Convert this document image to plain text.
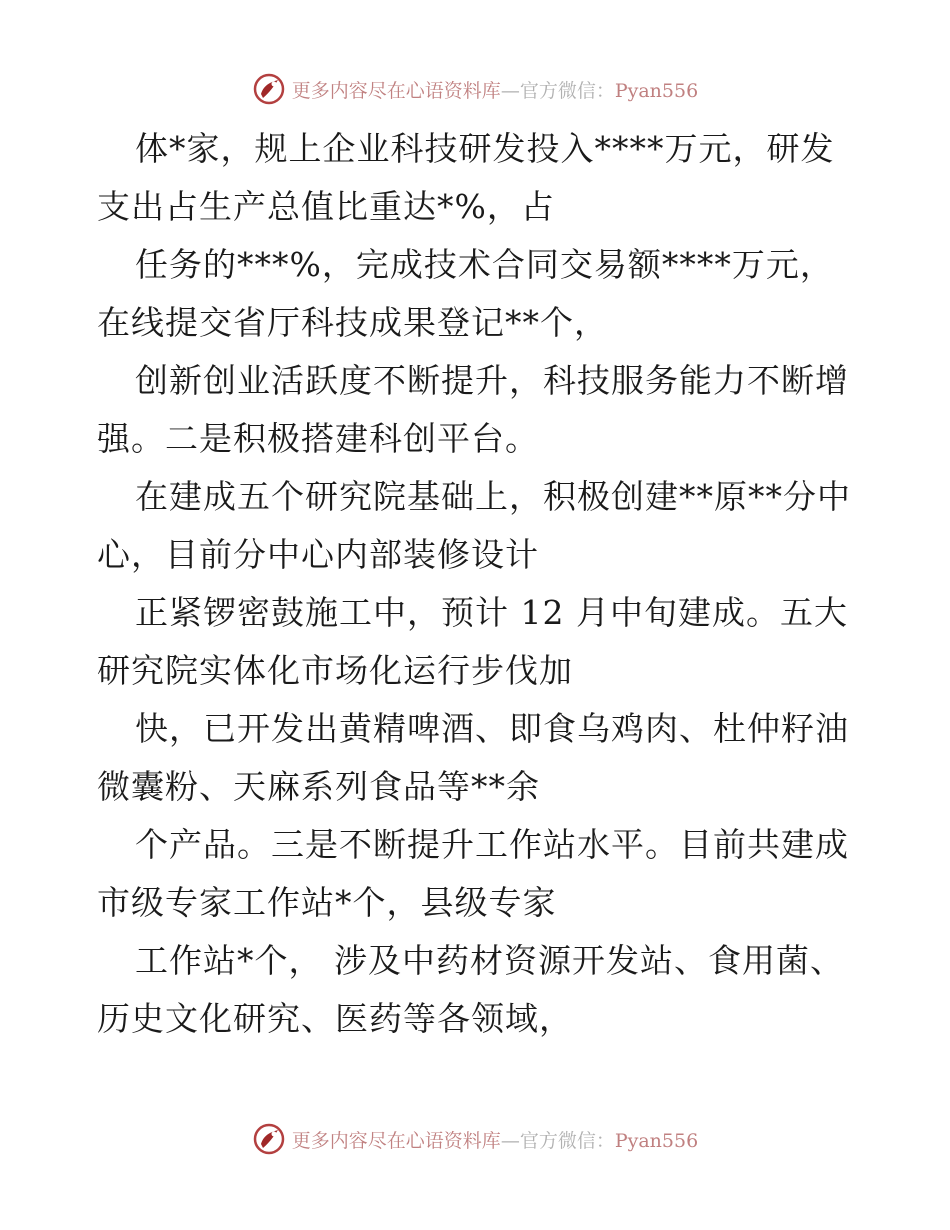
更多内容尽在心语资料库—官方微信：Pyan556

体*家，规上企业科技研发投入****万元，研发
支出占生产总值比重达*%，占
任务的***%，完成技术合同交易额****万元，
在线提交省厅科技成果登记**个，
创新创业活跃度不断提升，科技服务能力不断增
强。二是积极搭建科创平台。
在建成五个研究院基础上，积极创建**原**分中
心，目前分中心内部装修设计
正紧锣密鼓施工中，预计 12 月中旬建成。五大
研究院实体化市场化运行步伐加
快，已开发出黄精啤酒、即食乌鸡肉、杜仲籽油
微囊粉、天麻系列食品等**余
个产品。三是不断提升工作站水平。目前共建成
市级专家工作站*个，县级专家
工作站*个， 涉及中药材资源开发站、食用菌、
历史文化研究、医药等各领域，

更多内容尽在心语资料库—官方微信：Pyan556
